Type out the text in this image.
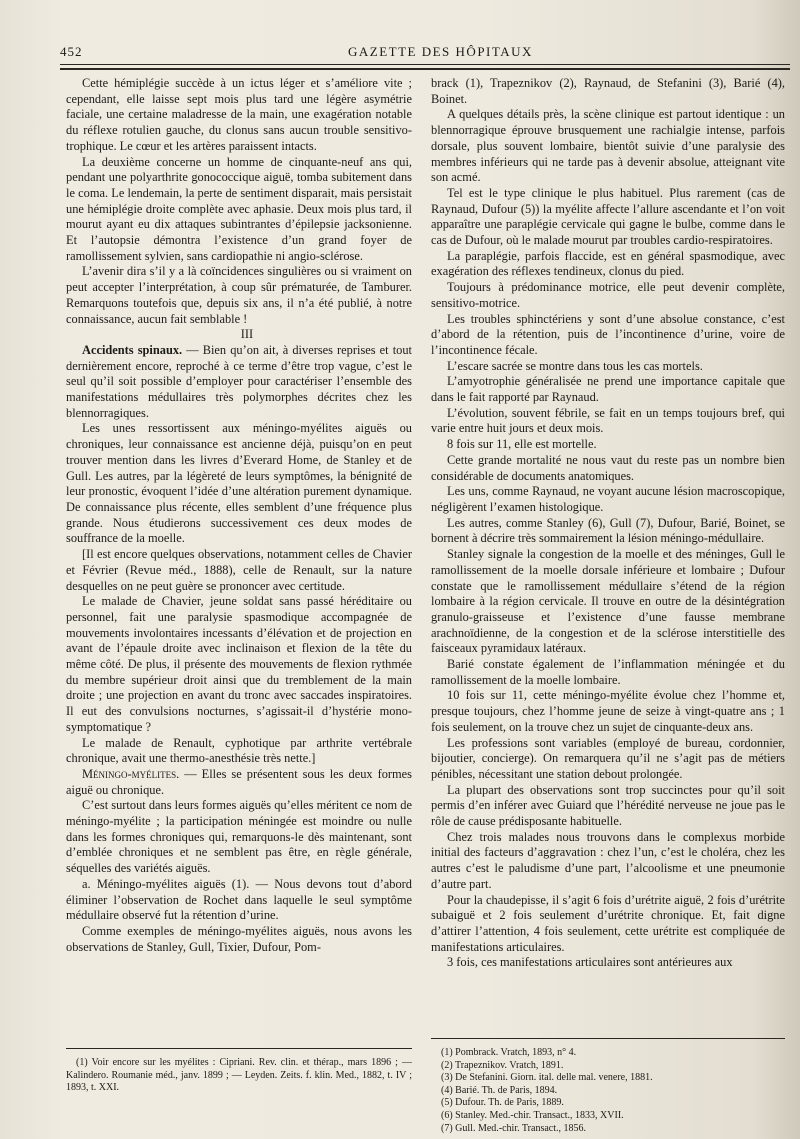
452	GAZETTE DES HÔPITAUX

Cette hémiplégie succède à un ictus léger et s’améliore vite ; cependant, elle laisse sept mois plus tard une légère asymétrie faciale, une certaine maladresse de la main, une exagération notable du réflexe rotulien gauche, du clonus sans aucun trouble sensitivo-trophique. Le cœur et les artères paraissent intacts.

La deuxième concerne un homme de cinquante-neuf ans qui, pendant une polyarthrite gonococcique aiguë, tomba subitement dans le coma. Le lendemain, la perte de sentiment disparait, mais persistait une hémiplégie droite complète avec aphasie. Deux mois plus tard, il mourut ayant eu dix attaques subintrantes d’épilepsie jacksonienne. Et l’autopsie démontra l’existence d’un grand foyer de ramollissement sylvien, sans cardiopathie ni angio-sclérose.

L’avenir dira s’il y a là coïncidences singulières ou si vraiment on peut accepter l’interprétation, à coup sûr prématurée, de Tamburer. Remarquons toutefois que, depuis six ans, il n’a été publié, à notre connaissance, aucun fait semblable !

III

Accidents spinaux. — Bien qu’on ait, à diverses reprises et tout dernièrement encore, reproché à ce terme d’être trop vague, c’est le seul qu’il soit possible d’employer pour caractériser l’ensemble des manifestations médullaires très polymorphes décrites chez les blennorragiques.

Les unes ressortissent aux méningo-myélites aiguës ou chroniques, leur connaissance est ancienne déjà, puisqu’on en peut trouver mention dans les livres d’Everard Home, de Stanley et de Gull. Les autres, par la légèreté de leurs symptômes, la bénignité de leur pronostic, évoquent l’idée d’une altération purement dynamique. De connaissance plus récente, elles semblent d’une fréquence plus grande. Nous étudierons successivement ces deux modes de souffrance de la moelle.

[Il est encore quelques observations, notamment celles de Chavier et Février (Revue méd., 1888), celle de Renault, sur la nature desquelles on ne peut guère se prononcer avec certitude.

Le malade de Chavier, jeune soldat sans passé héréditaire ou personnel, fait une paralysie spasmodique accompagnée de mouvements involontaires incessants d’élévation et de projection en avant de l’épaule droite avec inclinaison et flexion de la tête du même côté. De plus, il présente des mouvements de flexion rythmée du membre supérieur droit ainsi que du tremblement de la main droite ; une projection en avant du tronc avec saccades inspiratoires. Il eut des convulsions nocturnes, s’agissait-il d’hystérie mono-symptomatique ?

Le malade de Renault, cyphotique par arthrite vertébrale chronique, avait une thermo-anesthésie très nette.]

Méningo-myélites. — Elles se présentent sous les deux formes aiguë ou chronique.

C’est surtout dans leurs formes aiguës qu’elles méritent ce nom de méningo-myélite ; la participation méningée est moindre ou nulle dans les formes chroniques qui, remarquons-le dès maintenant, sont d’emblée chroniques et ne semblent pas être, en règle générale, séquelles des variétés aiguës.

a. Méningo-myélites aiguës (1). — Nous devons tout d’abord éliminer l’observation de Rochet dans laquelle le seul symptôme médullaire observé fut la rétention d’urine.

Comme exemples de méningo-myélites aiguës, nous avons les observations de Stanley, Gull, Tixier, Dufour, Pom-

brack (1), Trapeznikov (2), Raynaud, de Stefanini (3), Barié (4), Boinet.

A quelques détails près, la scène clinique est partout identique : un blennorragique éprouve brusquement une rachialgie intense, parfois dorsale, plus souvent lombaire, bientôt suivie d’une paralysie des membres inférieurs qui ne tarde pas à devenir absolue, atteignant vite son acmé.

Tel est le type clinique le plus habituel. Plus rarement (cas de Raynaud, Dufour (5)) la myélite affecte l’allure ascendante et l’on voit apparaître une paraplégie cervicale qui gagne le bulbe, comme dans le cas de Dufour, où le malade mourut par troubles cardio-respiratoires.

La paraplégie, parfois flaccide, est en général spasmodique, avec exagération des réflexes tendineux, clonus du pied.

Toujours à prédominance motrice, elle peut devenir complète, sensitivo-motrice.

Les troubles sphinctériens y sont d’une absolue constance, c’est d’abord de la rétention, puis de l’incontinence d’urine, voire de l’incontinence fécale.

L’escare sacrée se montre dans tous les cas mortels.

L’amyotrophie généralisée ne prend une importance capitale que dans le fait rapporté par Raynaud.

L’évolution, souvent fébrile, se fait en un temps toujours bref, qui varie entre huit jours et deux mois.

8 fois sur 11, elle est mortelle.

Cette grande mortalité ne nous vaut du reste pas un nombre bien considérable de documents anatomiques.

Les uns, comme Raynaud, ne voyant aucune lésion macroscopique, négligèrent l’examen histologique.

Les autres, comme Stanley (6), Gull (7), Dufour, Barié, Boinet, se bornent à décrire très sommairement la lésion méningo-médullaire.

Stanley signale la congestion de la moelle et des méninges, Gull le ramollissement de la moelle dorsale inférieure et lombaire ; Dufour constate que le ramollissement médullaire s’étend de la région lombaire à la région cervicale. Il trouve en outre de la désintégration granulo-graisseuse et l’existence d’une fausse membrane arachnoïdienne, de la congestion et de la sclérose interstitielle des faisceaux pyramidaux latéraux.

Barié constate également de l’inflammation méningée et du ramollissement de la moelle lombaire.

10 fois sur 11, cette méningo-myélite évolue chez l’homme et, presque toujours, chez l’homme jeune de seize à vingt-quatre ans ; 1 fois seulement, on la trouve chez un sujet de cinquante-deux ans.

Les professions sont variables (employé de bureau, cordonnier, bijoutier, concierge). On remarquera qu’il ne s’agit pas de métiers pénibles, nécessitant une station debout prolongée.

La plupart des observations sont trop succinctes pour qu’il soit permis d’en inférer avec Guiard que l’hérédité nerveuse ne joue pas le rôle de cause prédisposante habituelle.

Chez trois malades nous trouvons dans le complexus morbide initial des facteurs d’aggravation : chez l’un, c’est le choléra, chez les autres c’est le paludisme d’une part, l’alcoolisme et une pneumonie d’autre part.

Pour la chaudepisse, il s’agit 6 fois d’urétrite aiguë, 2 fois d’urétrite subaiguë et 2 fois seulement d’urétrite chronique. Et, fait digne d’attirer l’attention, 4 fois seulement, cette urétrite est compliquée de manifestations articulaires.

3 fois, ces manifestations articulaires sont antérieures aux

(1) Voir encore sur les myélites : Cipriani. Rev. clin. et thérap., mars 1896 ; — Kalindero. Roumanie méd., janv. 1899 ; — Leyden. Zeits. f. klin. Med., 1882, t. IV ; 1893, t. XXI.

(1) Pombrack. Vratch, 1893, n° 4.

(2) Trapeznikov. Vratch, 1891.

(3) De Stefanini. Giorn. ital. delle mal. venere, 1881.

(4) Barié. Th. de Paris, 1894.

(5) Dufour. Th. de Paris, 1889.

(6) Stanley. Med.-chir. Transact., 1833, XVII.

(7) Gull. Med.-chir. Transact., 1856.
